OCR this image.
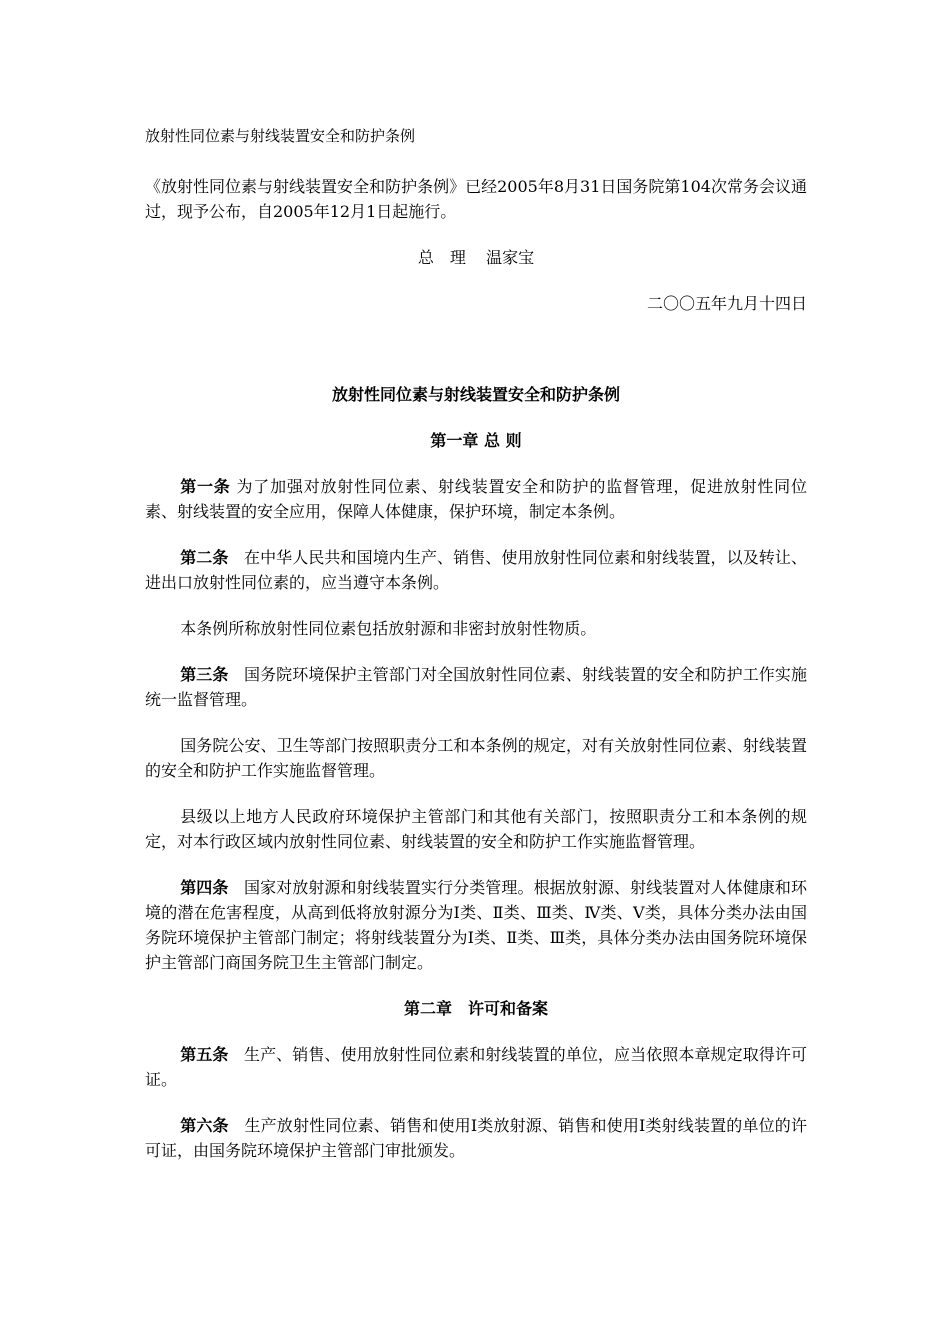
放射性同位素与射线装置安全和防护条例

《放射性同位素与射线装置安全和防护条例》已经2005年8月31日国务院第104次常务会议通过，现予公布，自2005年12月1日起施行。

总　理 温家宝

二〇〇五年九月十四日

放射性同位素与射线装置安全和防护条例

第一章 总 则

第一条 为了加强对放射性同位素、射线装置安全和防护的监督管理，促进放射性同位素、射线装置的安全应用，保障人体健康，保护环境，制定本条例。

第二条 在中华人民共和国境内生产、销售、使用放射性同位素和射线装置，以及转让、进出口放射性同位素的，应当遵守本条例。

本条例所称放射性同位素包括放射源和非密封放射性物质。

第三条 国务院环境保护主管部门对全国放射性同位素、射线装置的安全和防护工作实施统一监督管理。

国务院公安、卫生等部门按照职责分工和本条例的规定，对有关放射性同位素、射线装置的安全和防护工作实施监督管理。

县级以上地方人民政府环境保护主管部门和其他有关部门，按照职责分工和本条例的规定，对本行政区域内放射性同位素、射线装置的安全和防护工作实施监督管理。

第四条 国家对放射源和射线装置实行分类管理。根据放射源、射线装置对人体健康和环境的潜在危害程度，从高到低将放射源分为Ⅰ类、Ⅱ类、Ⅲ类、Ⅳ类、Ⅴ类，具体分类办法由国务院环境保护主管部门制定；将射线装置分为Ⅰ类、Ⅱ类、Ⅲ类，具体分类办法由国务院环境保护主管部门商国务院卫生主管部门制定。

第二章　许可和备案

第五条 生产、销售、使用放射性同位素和射线装置的单位，应当依照本章规定取得许可证。

第六条 生产放射性同位素、销售和使用Ⅰ类放射源、销售和使用Ⅰ类射线装置的单位的许可证，由国务院环境保护主管部门审批颁发。
